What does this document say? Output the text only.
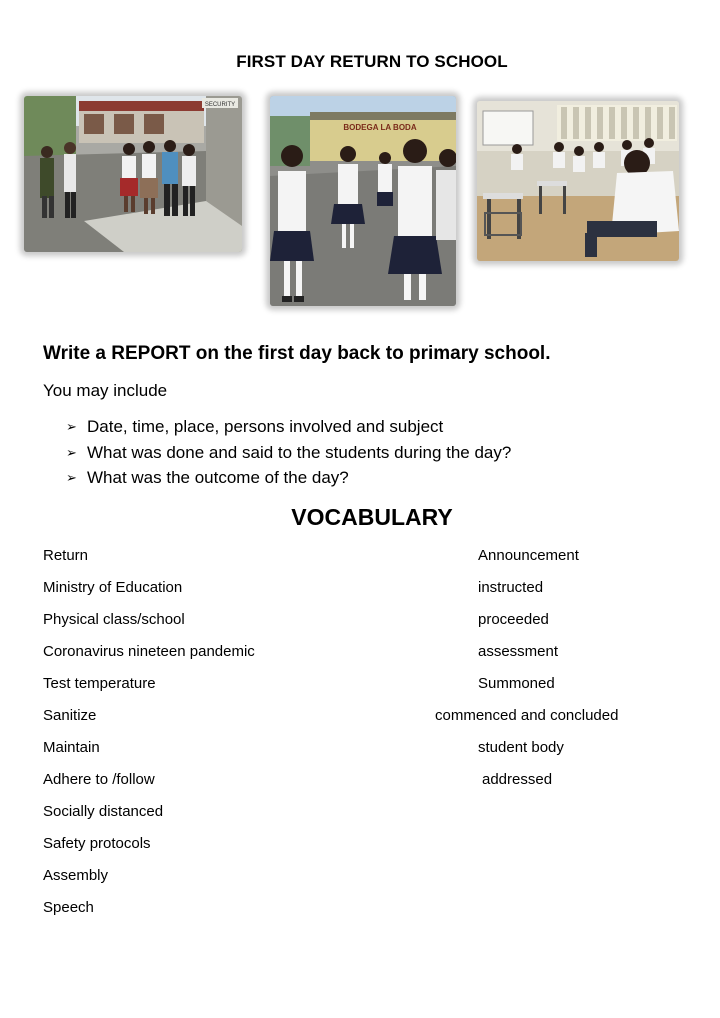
FIRST DAY RETURN TO SCHOOL
SECURITY
BODEGA LA BODA
Write a REPORT on the first day back to primary school.
You may include
➢ Date, time, place, persons involved and subject
➢ What was done and said to the students during the day?
➢ What was the outcome of the day?
VOCABULARY
Return
Ministry of Education
Physical class/school
Coronavirus nineteen pandemic
Test temperature
Sanitize
Maintain
Adhere to /follow
Socially distanced
Safety protocols
Assembly
Speech
Announcement
instructed
proceeded
assessment
Summoned
commenced and concluded
student body
addressed
